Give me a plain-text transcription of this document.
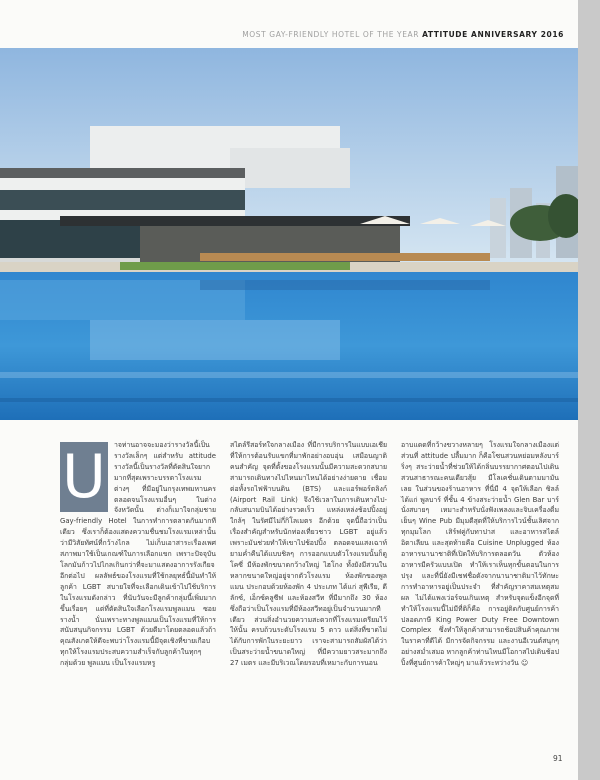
MOST GAY-FRIENDLY HOTEL OF THE YEAR ATTITUDE ANNIVERSARY 2016
U าจท่านอาจจะมองว่ารางวัลนี้เป็นรางวัลเล็กๆ แต่สำหรับ attitude รางวัลนี้เป็นรางวัลที่ตัดสินใจยากมากที่สุดเพราะบรรดาโรงแรมต่างๆ ที่มีอยู่ในกรุงเทพมหานคร ตลอดจนโรงแรมอื่นๆ ในต่างจังหวัดนั้น ต่างก็เมาใจกลุ่มชาย Gay-friendly Hotel ในการทำการตลาดกันมากทีเดียว ซึ่งเราก็ต้องแสดงความชื่นชมโรงแรมเหล่านั้นว่ามีวิสัยทัศน์ที่กว้างไกล ไม่เก็บเอาสาระเรื่องเพศสภาพมาใช้เป็นเกณฑ์ในการเลือกแขก เพราะปัจจุบันโลกมันก้าวไปไกลเกินกว่าที่จะมาแสดงอาการรังเกียจอีกต่อไป ผลลัพธ์ของโรงแรมที่ใช้กลยุทธ์นี้มันทำให้ลูกค้า LGBT สบายใจที่จะเลือกเดินเข้าไปใช้บริการในโรงแรมดังกล่าว ที่นับวันจะมีลูกค้ากลุ่มนี้เพิ่มมากขึ้นเรื่อยๆ แต่ที่ตัดสินใจเลือกโรงแรมพูลแมน ซอยรางน้ำ นั่นเพราะทางพูลแมนเป็นโรงแรมที่ให้การสนับสนุนกิจกรรม LGBT ด้วยดีมาโดยตลอดแล้วถ้าคุณสังเกตให้ดีจะพบว่าโรงแรมนี้มีจุดเชิงที่ขายเกือบทุกให้โรงแรมประสบความสำเร็จกับลูกค้าในทุกๆ กลุ่มด้วย พูลแมน เป็นโรงแรมหรู
สไตล์รีสอร์ทใจกลางเมือง ที่มีการบริการในแบบเอเชียที่ให้การต้อนรับแขกที่มาพักอย่างอบอุ่น เสมือนญาติคนสำคัญ จุดที่ตั้งของโรงแรมนั้นมีความสะดวกสบาย สามารถเดินทางไปไหนมาไหนได้อย่างง่ายดาย เชื่อมต่อทั้งรถไฟฟ้าบนดิน (BTS) และแอร์พอร์ตลิงก์ (Airport Rail Link) จึงใช้เวลาในการเดินทางไป-กลับสนามบินได้อย่างรวดเร็ว แหล่งเหล่งช้อปปิ้งอยู่ใกล้ๆ ในรัศมีไม่กี่กิโลเมตร อีกด้วย จุดนี้ถือว่าเป็นเรื่องสำคัญสำหรับนักท่องเที่ยวชาว LGBT อยู่แล้ว เพราะมันช่วยทำให้เขาไปช้อปปิ้ง ตลอดจนแสงเฉาท์ยามค่ำคืนได้แบบชิลๆ การออกแบบตัวโรงแรมนั้นก็ดูโคซี่ มีห้องพักขนาดกว้างใหญ่ ไฮโกง ทั้งยังมีสวนในหลากขนาดใหญ่อยู่จากตัวโรงแรม ห้องพักของพูลแมน ประกอบด้วยห้องพัก 4 ประเภท ได้แก่ สุพีเรีย, ดีลักซ์, เอ็กซ์คลูซีฟ และห้องสวีท ที่มีมากถึง 30 ห้อง ซึ่งถือว่าเป็นโรงแรมที่มีห้องสวีทอยู่เป็นจำนวนมากทีเดียว ส่วนสิ่งอำนวยความสะดวกที่โรงแรมเตรียมไว้ให้นั้น ครบถ้วนระดับโรงแรม 5 ดาว แต่สิ่งที่ขาดไม่ได้กับการพักในระยะยาว เราจะสามารถสัมผัสได้ว่าเป็นสระว่ายน้ำขนาดใหญ่ ที่มีความยาวสระมากถึง 27 เมตร และมีบริเวณโดยรอบที่เหมาะกับการนอน
อาบแดดที่กว้างขวางหลายๆ โรงแรมใจกลางเมืองแต่ส่วนที่ attitude ปลื้มมาก ก็คือโซนสวนหย่อมหลังบาร์ริ่งๆ สระว่ายน้ำที่ช่วยให้ได้กลิ่นบรรยากาศตอนไปเดินสวนสาธารณะคนเดียวสุ้ย มีโลเคชั่นเดินตามมามันเลย ในส่วนของร้านอาหาร ที่นี่มี 4 จุดให้เลือก ซิลล์ ได้แก่ พูลบาร์ ที่ชั้น 4 ข้างสระว่ายน้ำ Glen Bar บาร์นั่งสบายๆ เหมาะสำหรับนั่งฟังเพลงและจิบเครื่องดื่มเย็นๆ Wine Pub มีมุมดีสุดที่ให้บริการไวน์ชั้นเลิศจากทุกมุมโลก เสิร์ฟคู่กับทาปาส และอาหารสไตล์อิตาเลียน และสุดท้ายคือ Cuisine Unplugged ห้องอาหารนานาชาติที่เปิดให้บริการตลอดวัน ตัวห้องอาหารมีครัวแบบเปิด ทำให้เราเห็นทุกขั้นตอนในการปรุง และที่นี่ยังมีเชฟชื่อดังจากนานาชาติมาไว้ทักษะการทำอาหารอยู่เป็นประจำ ที่สำคัญราคาสมเหตุสมผล ไม่ได้แพงเว่อร์จนเกินเหตุ สำหรับจุดแข็งอีกจุดที่ทำให้โรงแรมนี้ไม่มีที่ติก็คือ การอยู่ติดกับศูนย์การค้าปลอดภาษี King Power Duty Free Downtown Complex ซึ่งทำให้ลูกค้าสามารถช้อปสินค้าคุณภาพในราคาที่ดีได้ มีการจัดกิจกรรม และงานอีเวนต์สนุกๆ อย่างสม่ำเสมอ หากลูกค้าท่านไหนมีโอกาสไปเดินช้อปปิ้งที่ศูนย์การค้าใหญ่ๆ มาแล้วระหว่างวัน ☺
91
